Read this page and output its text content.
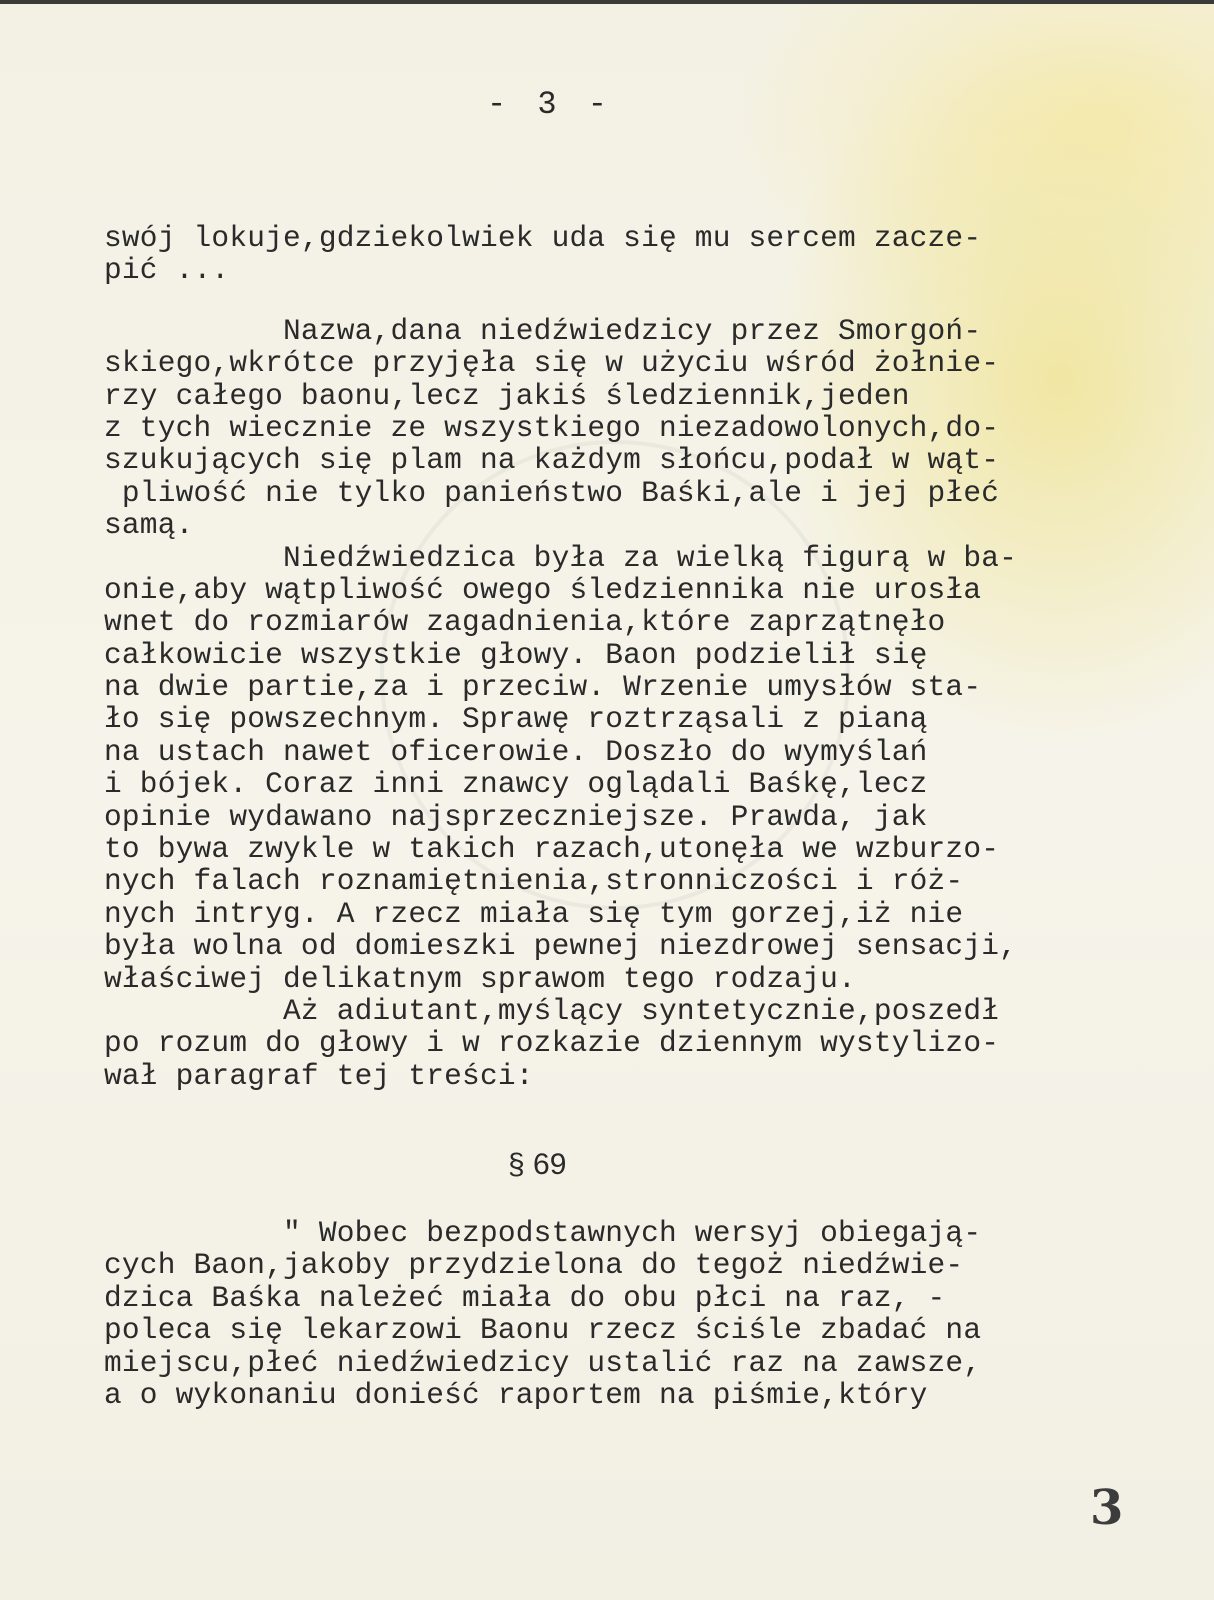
- 3 -
swój lokuje,gdziekolwiek uda się mu sercem zacze-
pić ...
Nazwa,dana niedźwiedzicy przez Smorgoń-
skiego,wkrótce przyjęła się w użyciu wśród żołnie-
rzy całego baonu,lecz jakiś śledziennik,jeden
z tych wiecznie ze wszystkiego niezadowolonych,do-
szukujących się plam na każdym słońcu,podał w wąt-
pliwość nie tylko panieństwo Baśki,ale i jej płeć
samą.
Niedźwiedzica była za wielką figurą w ba-
onie,aby wątpliwość owego śledziennika nie urosła
wnet do rozmiarów zagadnienia,które zaprzątnęło
całkowicie wszystkie głowy. Baon podzielił się
na dwie partie,za i przeciw. Wrzenie umysłów sta-
ło się powszechnym. Sprawę roztrząsali z pianą
na ustach nawet oficerowie. Doszło do wymyślań
i bójek. Coraz inni znawcy oglądali Baśkę,lecz
opinie wydawano najsprzeczniejsze. Prawda, jak
to bywa zwykle w takich razach,utonęła we wzburzo-
nych falach roznamiętnienia,stronniczości i róż-
nych intryg. A rzecz miała się tym gorzej,iż nie
była wolna od domieszki pewnej niezdrowej sensacji,
właściwej delikatnym sprawom tego rodzaju.
Aż adiutant,myślący syntetycznie,poszedł
po rozum do głowy i w rozkazie dziennym wystylizo-
wał paragraf tej treści:
§ 69
" Wobec bezpodstawnych wersyj obiegają-
cych Baon,jakoby przydzielona do tegoż niedźwie-
dzica Baśka należeć miała do obu płci na raz, -
poleca się lekarzowi Baonu rzecz ściśle zbadać na
miejscu,płeć niedźwiedzicy ustalić raz na zawsze,
a o wykonaniu donieść raportem na piśmie,który
3
